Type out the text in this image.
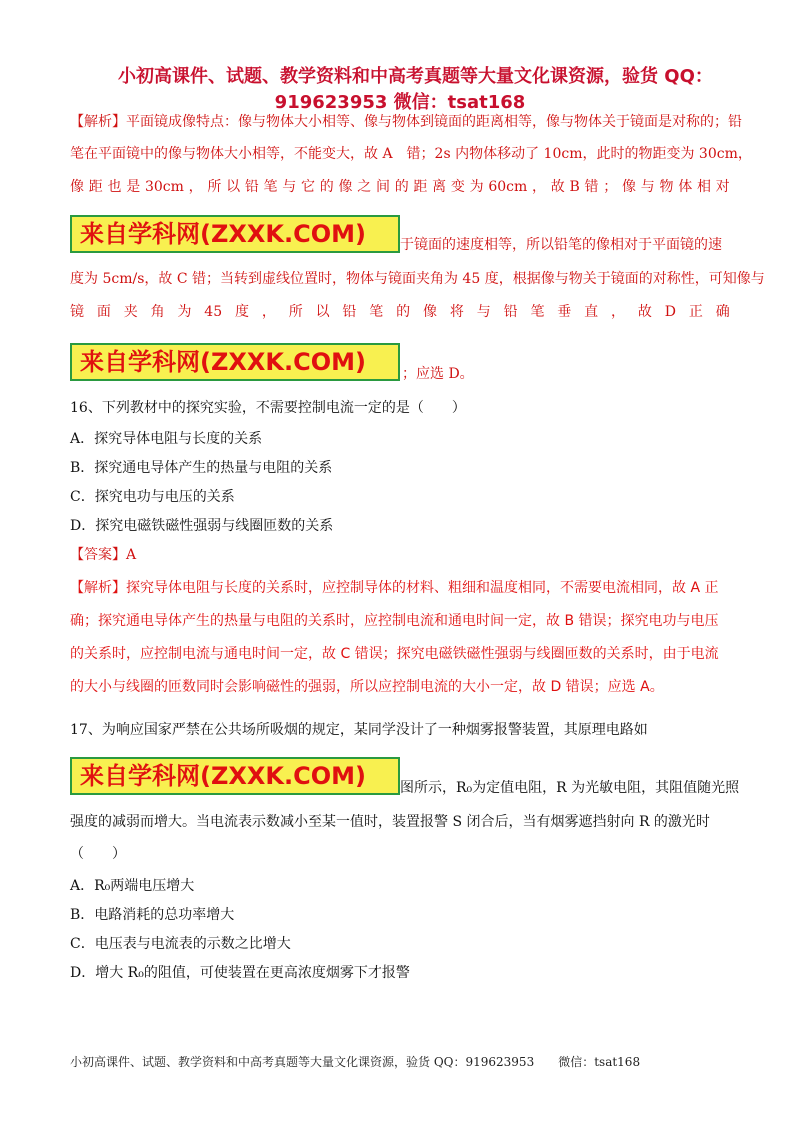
小初高课件、试题、教学资料和中高考真题等大量文化课资源，验货 QQ：
919623953 微信：tsat168
【解析】平面镜成像特点：像与物体大小相等、像与物体到镜面的距离相等，像与物体关于镜面是对称的；铅
笔在平面镜中的像与物体大小相等，不能变大，故 A　错；2s 内物体移动了 10cm，此时的物距变为 30cm，
像 距 也 是 30cm ， 所 以 铅 笔 与 它 的 像 之 间 的 距 离 变 为 60cm ， 故 B 错 ； 像 与 物 体 相 对
来自学科网(ZXXK.COM)	于镜面的速度相等，所以铅笔的像相对于平面镜的速
度为 5cm/s，故 C 错；当转到虚线位置时，物体与镜面夹角为 45 度，根据像与物关于镜面的对称性，可知像与
镜 面 夹 角 为 45 度 ， 所 以 铅 笔 的 像 将 与 铅 笔 垂 直 ， 故 D 正 确
来自学科网(ZXXK.COM)	；应选 D。
16、下列教材中的探究实验，不需要控制电流一定的是（　　）
A．探究导体电阻与长度的关系
B．探究通电导体产生的热量与电阻的关系
C．探究电功与电压的关系
D．探究电磁铁磁性强弱与线圈匝数的关系
【答案】A
【解析】探究导体电阻与长度的关系时，应控制导体的材料、粗细和温度相同，不需要电流相同，故 A 正
确；探究通电导体产生的热量与电阻的关系时，应控制电流和通电时间一定，故 B 错误；探究电功与电压
的关系时，应控制电流与通电时间一定，故 C 错误；探究电磁铁磁性强弱与线圈匝数的关系时，由于电流
的大小与线圈的匝数同时会影响磁性的强弱，所以应控制电流的大小一定，故 D 错误；应选 A。
17、为响应国家严禁在公共场所吸烟的规定，某同学没计了一种烟雾报警装置，其原理电路如
来自学科网(ZXXK.COM)	图所示，R₀为定值电阻，R 为光敏电阻，其阻值随光照
强度的减弱而增大。当电流表示数减小至某一值时，装置报警 S 闭合后，当有烟雾遮挡射向 R 的激光时
（　　）
A．R₀两端电压增大
B．电路消耗的总功率增大
C．电压表与电流表的示数之比增大
D．增大 R₀的阻值，可使装置在更高浓度烟雾下才报警
小初高课件、试题、教学资料和中高考真题等大量文化课资源，验货 QQ：919623953 微信：tsat168
